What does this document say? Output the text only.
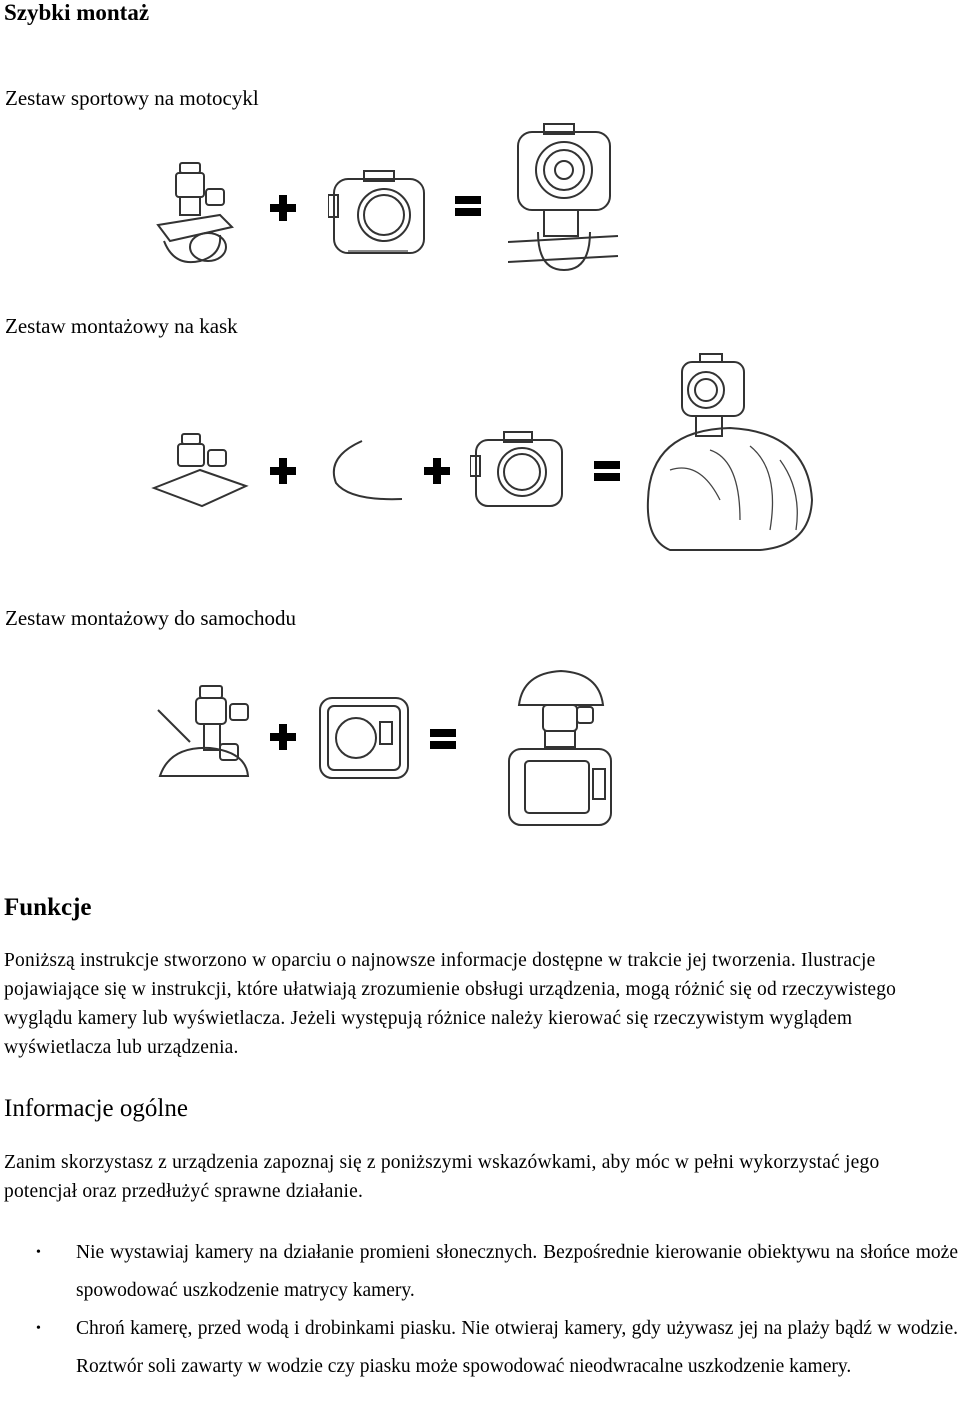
Szybki montaż
Zestaw sportowy na motocykl
Zestaw montażowy na kask
Zestaw montażowy do samochodu
Funkcje
Poniższą instrukcje stworzono w oparciu o najnowsze informacje dostępne w trakcie jej tworzenia. Ilustracje pojawiające się w instrukcji, które ułatwiają zrozumienie obsługi urządzenia, mogą różnić się od rzeczywistego wyglądu kamery lub wyświetlacza. Jeżeli występują różnice należy kierować się rzeczywistym wyglądem wyświetlacza lub urządzenia.
Informacje ogólne
Zanim skorzystasz z urządzenia zapoznaj się z poniższymi wskazówkami, aby móc w pełni wykorzystać jego potencjał oraz przedłużyć sprawne działanie.
• Nie wystawiaj kamery na działanie promieni słonecznych. Bezpośrednie kierowanie obiektywu na słońce może spowodować uszkodzenie matrycy kamery.
• Chroń kamerę, przed wodą i drobinkami piasku. Nie otwieraj kamery, gdy używasz jej na plaży bądź w wodzie. Roztwór soli zawarty w wodzie czy piasku może spowodować nieodwracalne uszkodzenie kamery.
